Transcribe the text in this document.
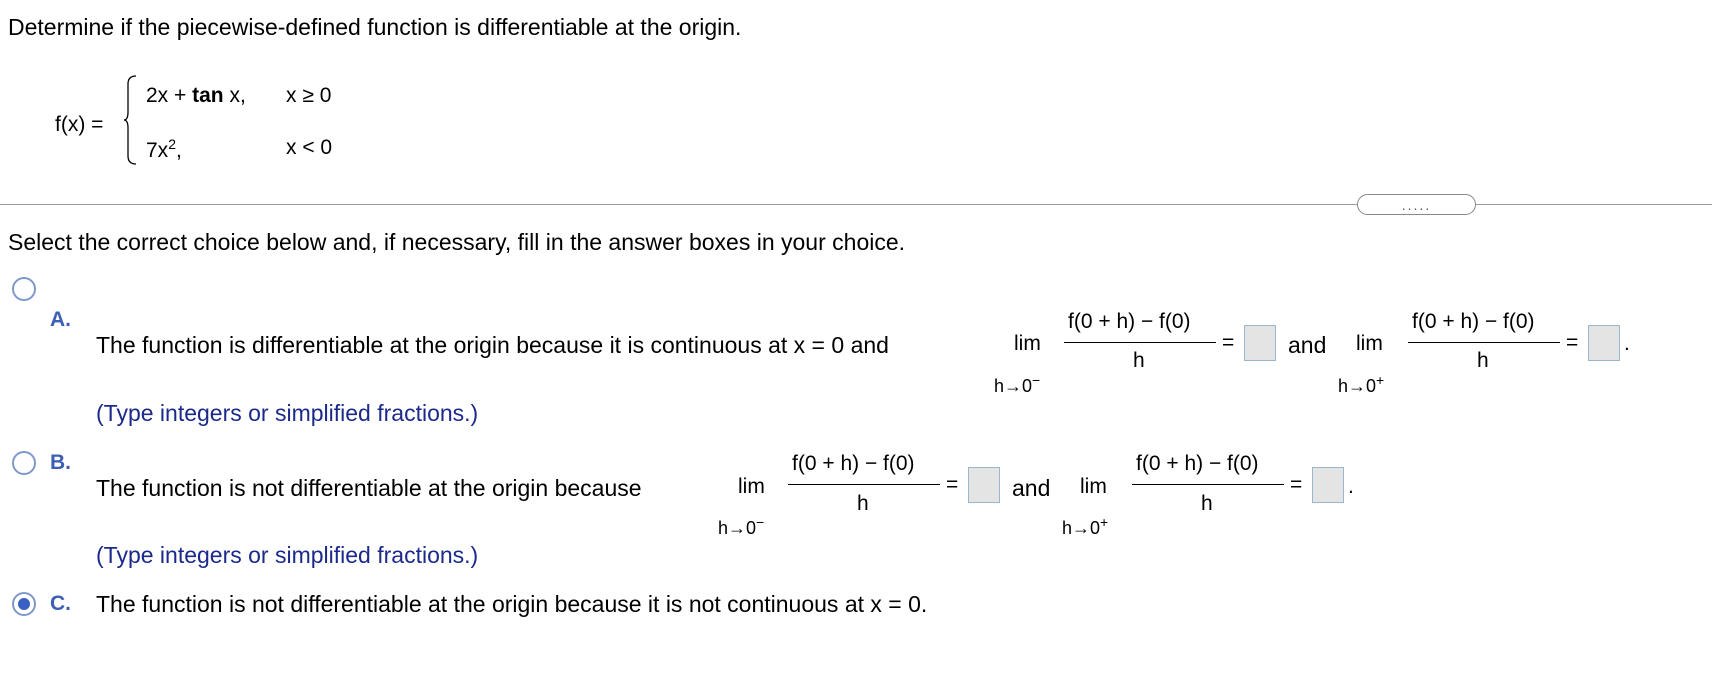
Determine if the piecewise-defined function is differentiable at the origin.
f(x) =
2x + tan x, x ≥ 0
$7x^2$,	x < 0
.....
Select the correct choice below and, if necessary, fill in the answer boxes in your choice.
A.
The function is differentiable at the origin because it is continuous at x = 0 and	lim
h→0−
f(0 + h) − f(0)
h
= and lim
h→0+
f(0 + h) − f(0)
h
= .
(Type integers or simplified fractions.)
B.
The function is not differentiable at the origin because	lim
h→0−
f(0 + h) − f(0)
h
= and lim
h→0+
f(0 + h) − f(0)
h
= .
(Type integers or simplified fractions.)
C. The function is not differentiable at the origin because it is not continuous at x = 0.
